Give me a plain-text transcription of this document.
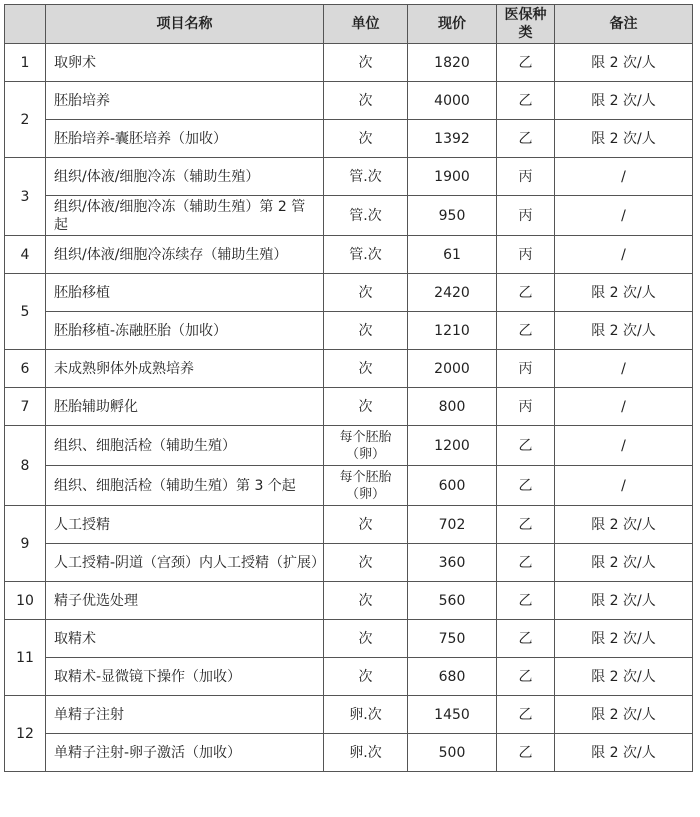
	项目名称	单位	现价	医保种类	备注
1	取卵术	次	1820	乙	限 2 次/人
2	胚胎培养	次	4000	乙	限 2 次/人
	胚胎培养-囊胚培养（加收）	次	1392	乙	限 2 次/人
3	组织/体液/细胞冷冻（辅助生殖）	管.次	1900	丙	/
	组织/体液/细胞冷冻（辅助生殖）第 2 管起	管.次	950	丙	/
4	组织/体液/细胞冷冻续存（辅助生殖）	管.次	61	丙	/
5	胚胎移植	次	2420	乙	限 2 次/人
	胚胎移植-冻融胚胎（加收）	次	1210	乙	限 2 次/人
6	未成熟卵体外成熟培养	次	2000	丙	/
7	胚胎辅助孵化	次	800	丙	/
8	组织、细胞活检（辅助生殖）	每个胚胎（卵）	1200	乙	/
	组织、细胞活检（辅助生殖）第 3 个起	每个胚胎（卵）	600	乙	/
9	人工授精	次	702	乙	限 2 次/人
	人工授精-阴道（宫颈）内人工授精（扩展）	次	360	乙	限 2 次/人
10	精子优选处理	次	560	乙	限 2 次/人
11	取精术	次	750	乙	限 2 次/人
	取精术-显微镜下操作（加收）	次	680	乙	限 2 次/人
12	单精子注射	卵.次	1450	乙	限 2 次/人
	单精子注射-卵子激活（加收）	卵.次	500	乙	限 2 次/人
